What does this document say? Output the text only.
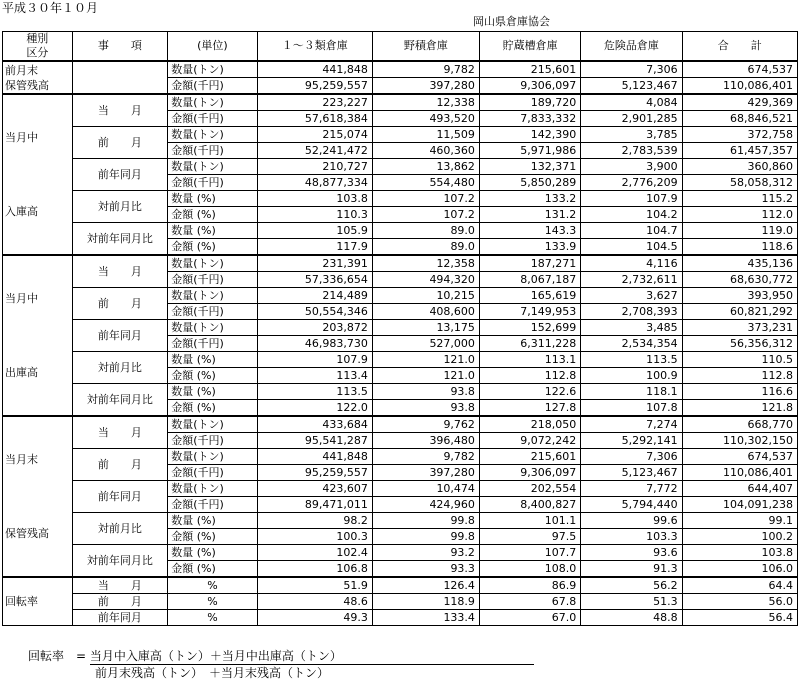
平成３０年１０月
岡山県倉庫協会
種別
区分	事　　項	(単位)	１～３類倉庫	野積倉庫	貯蔵槽倉庫	危険品倉庫	合　　計

前月末
保管残高		数量(トン)	441,848	9,782	215,601	7,306	674,537
		金額(千円)	95,259,557	397,280	9,306,097	5,123,467	110,086,401

当月中
入庫高	当　　月	数量(トン)	223,227	12,338	189,720	4,084	429,369
		金額(千円)	57,618,384	493,520	7,833,332	2,901,285	68,846,521
	前　　月	数量(トン)	215,074	11,509	142,390	3,785	372,758
		金額(千円)	52,241,472	460,360	5,971,986	2,783,539	61,457,357
	前年同月	数量(トン)	210,727	13,862	132,371	3,900	360,860
		金額(千円)	48,877,334	554,480	5,850,289	2,776,209	58,058,312
	対前月比	数量 (%)	103.8	107.2	133.2	107.9	115.2
		金額 (%)	110.3	107.2	131.2	104.2	112.0
	対前年同月比	数量 (%)	105.9	89.0	143.3	104.7	119.0
		金額 (%)	117.9	89.0	133.9	104.5	118.6

当月中
出庫高	当　　月	数量(トン)	231,391	12,358	187,271	4,116	435,136
		金額(千円)	57,336,654	494,320	8,067,187	2,732,611	68,630,772
	前　　月	数量(トン)	214,489	10,215	165,619	3,627	393,950
		金額(千円)	50,554,346	408,600	7,149,953	2,708,393	60,821,292
	前年同月	数量(トン)	203,872	13,175	152,699	3,485	373,231
		金額(千円)	46,983,730	527,000	6,311,228	2,534,354	56,356,312
	対前月比	数量 (%)	107.9	121.0	113.1	113.5	110.5
		金額 (%)	113.4	121.0	112.8	100.9	112.8
	対前年同月比	数量 (%)	113.5	93.8	122.6	118.1	116.6
		金額 (%)	122.0	93.8	127.8	107.8	121.8

当月末
保管残高	当　　月	数量(トン)	433,684	9,762	218,050	7,274	668,770
		金額(千円)	95,541,287	396,480	9,072,242	5,292,141	110,302,150
	前　　月	数量(トン)	441,848	9,782	215,601	7,306	674,537
		金額(千円)	95,259,557	397,280	9,306,097	5,123,467	110,086,401
	前年同月	数量(トン)	423,607	10,474	202,554	7,772	644,407
		金額(千円)	89,471,011	424,960	8,400,827	5,794,440	104,091,238
	対前月比	数量 (%)	98.2	99.8	101.1	99.6	99.1
		金額 (%)	100.3	99.8	97.5	103.3	100.2
	対前年同月比	数量 (%)	102.4	93.2	107.7	93.6	103.8
		金額 (%)	106.8	93.3	108.0	91.3	106.0
回転率	当　　月	%	51.9	126.4	86.9	56.2	64.4
	前　　月	%	48.6	118.9	67.8	51.3	56.0
	前年同月	%	49.3	133.4	67.0	48.8	56.4
回転率　= 当月中入庫高（トン）＋当月中出庫高（トン）
前月末残高（トン）　＋当月末残高（トン）
